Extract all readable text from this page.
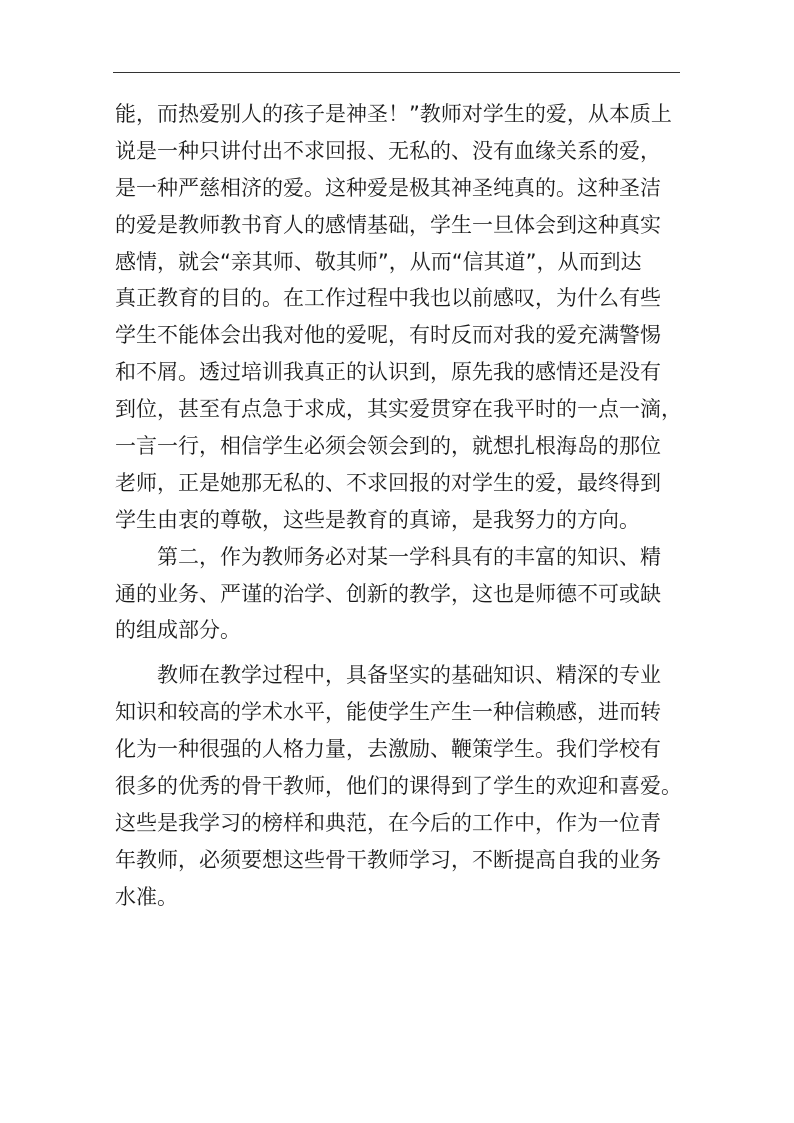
能，而热爱别人的孩子是神圣！”教师对学生的爱，从本质上
说是一种只讲付出不求回报、无私的、没有血缘关系的爱，
是一种严慈相济的爱。这种爱是极其神圣纯真的。这种圣洁
的爱是教师教书育人的感情基础，学生一旦体会到这种真实
感情，就会“亲其师、敬其师”，从而“信其道”，从而到达
真正教育的目的。在工作过程中我也以前感叹，为什么有些
学生不能体会出我对他的爱呢，有时反而对我的爱充满警惕
和不屑。透过培训我真正的认识到，原先我的感情还是没有
到位，甚至有点急于求成，其实爱贯穿在我平时的一点一滴，
一言一行，相信学生必须会领会到的，就想扎根海岛的那位
老师，正是她那无私的、不求回报的对学生的爱，最终得到
学生由衷的尊敬，这些是教育的真谛，是我努力的方向。
第二，作为教师务必对某一学科具有的丰富的知识、精
通的业务、严谨的治学、创新的教学，这也是师德不可或缺
的组成部分。
教师在教学过程中，具备坚实的基础知识、精深的专业
知识和较高的学术水平，能使学生产生一种信赖感，进而转
化为一种很强的人格力量，去激励、鞭策学生。我们学校有
很多的优秀的骨干教师，他们的课得到了学生的欢迎和喜爱。
这些是我学习的榜样和典范，在今后的工作中，作为一位青
年教师，必须要想这些骨干教师学习，不断提高自我的业务
水准。
